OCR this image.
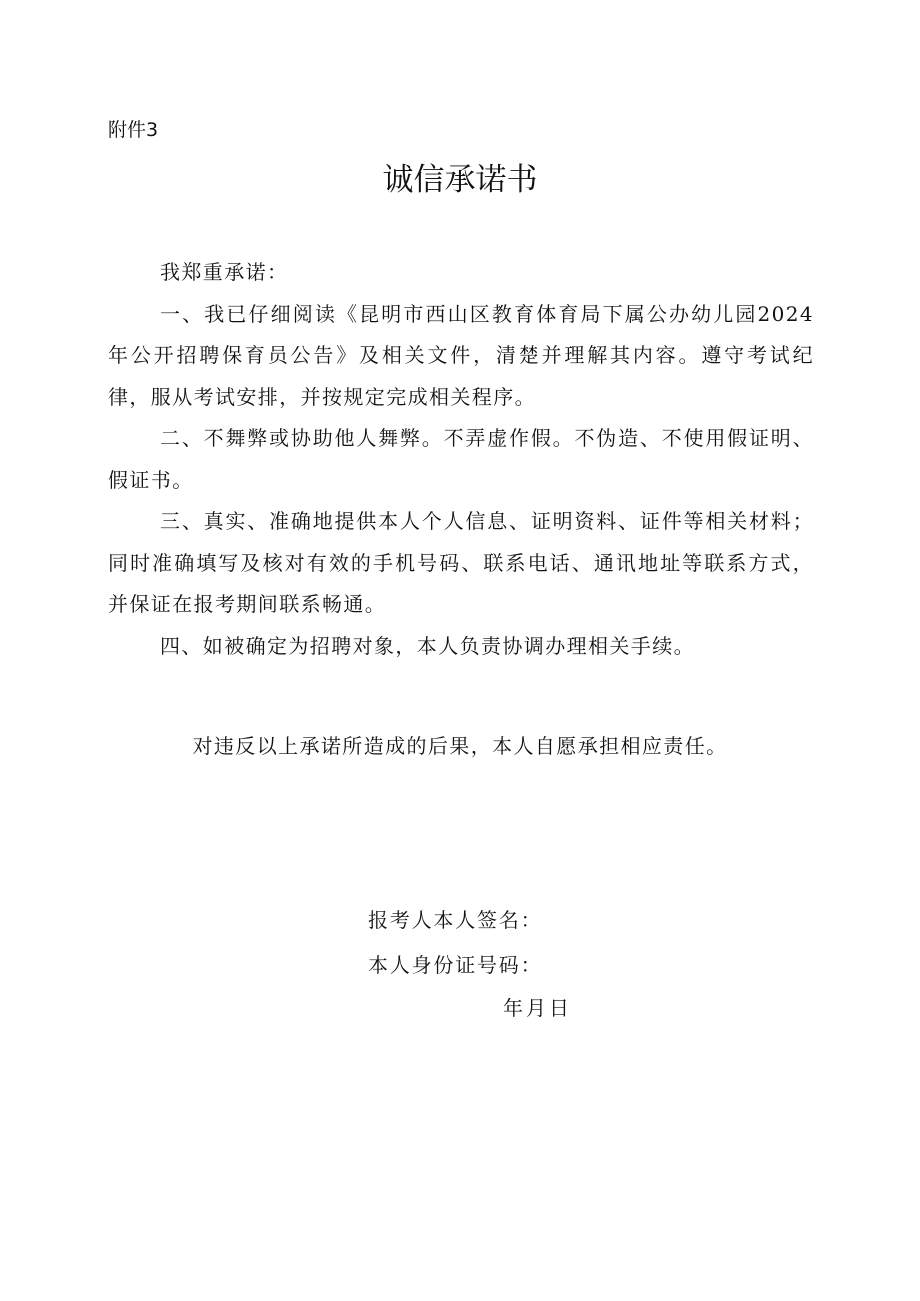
附件3
诚信承诺书

我郑重承诺：

一、我已仔细阅读《昆明市西山区教育体育局下属公办幼儿园2024年公开招聘保育员公告》及相关文件，清楚并理解其内容。遵守考试纪律，服从考试安排，并按规定完成相关程序。

二、不舞弊或协助他人舞弊。不弄虚作假。不伪造、不使用假证明、假证书。

三、真实、准确地提供本人个人信息、证明资料、证件等相关材料；同时准确填写及核对有效的手机号码、联系电话、通讯地址等联系方式，并保证在报考期间联系畅通。

四、如被确定为招聘对象，本人负责协调办理相关手续。

对违反以上承诺所造成的后果，本人自愿承担相应责任。
报考人本人签名：
本人身份证号码：
年月日
